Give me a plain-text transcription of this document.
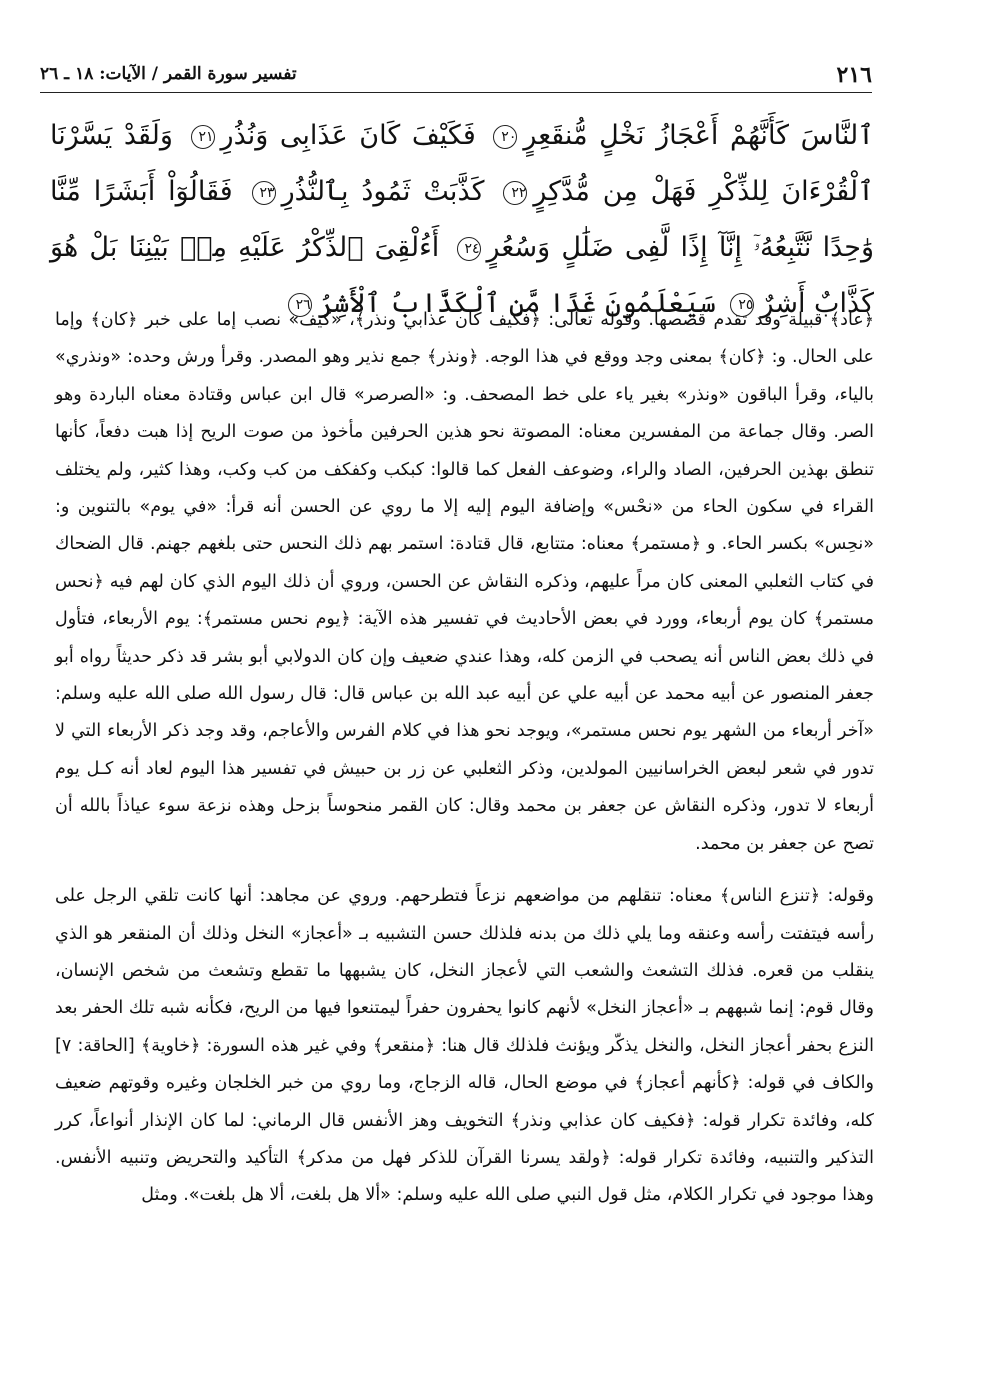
٢١٦
تفسير سورة القمر / الآيات: ١٨ ـ ٢٦
ٱلنَّاسَ كَأَنَّهُمْ أَعْجَازُ نَخْلٍ مُّنقَعِرٍ٢٠ فَكَيْفَ كَانَ عَذَابِى وَنُذُرِ٢١ وَلَقَدْ يَسَّرْنَا ٱلْقُرْءَانَ لِلذِّكْرِ فَهَلْ مِن مُّدَّكِرٍ٢٢ كَذَّبَتْ ثَمُودُ بِٱلنُّذُرِ٢٣ فَقَالُوٓاْ أَبَشَرًا مِّنَّا وَٰحِدًا نَّتَّبِعُهُۥٓ إِنَّآ إِذًا لَّفِى ضَلَٰلٍ وَسُعُرٍ٢٤ أَءُلْقِىَ ٱلذِّكْرُ عَلَيْهِ مِنۢ بَيْنِنَا بَلْ هُوَ كَذَّابٌ أَشِرٌ٢٥ سَيَعْلَمُونَ غَدًا مَّنِ ٱلْكَذَّابُ ٱلْأَشِرُ٢٦

﴿عاد﴾ قبيلة وقد تقدم قصصها. وقوله تعالى: ﴿فكيف كان عذابي ونذر﴾، «كيف» نصب إما على خبر ﴿كان﴾ وإما على الحال. و: ﴿كان﴾ بمعنى وجد ووقع في هذا الوجه. ﴿ونذر﴾ جمع نذير وهو المصدر. وقرأ ورش وحده: «ونذري» بالياء، وقرأ الباقون «ونذر» بغير ياء على خط المصحف. و: «الصرصر» قال ابن عباس وقتادة معناه الباردة وهو الصر. وقال جماعة من المفسرين معناه: المصوتة نحو هذين الحرفين مأخوذ من صوت الريح إذا هبت دفعاً، كأنها تنطق بهذين الحرفين، الصاد والراء، وضوعف الفعل كما قالوا: كبكب وكفكف من كب وكب، وهذا كثير، ولم يختلف القراء في سكون الحاء من «نحْس» وإضافة اليوم إليه إلا ما روي عن الحسن أنه قرأ: «في يوم» بالتنوين و: «نحِس» بكسر الحاء. و ﴿مستمر﴾ معناه: متتابع، قال قتادة: استمر بهم ذلك النحس حتى بلغهم جهنم. قال الضحاك في كتاب الثعلبي المعنى كان مراً عليهم، وذكره النقاش عن الحسن، وروي أن ذلك اليوم الذي كان لهم فيه ﴿نحس مستمر﴾ كان يوم أربعاء، وورد في بعض الأحاديث في تفسير هذه الآية: ﴿يوم نحس مستمر﴾: يوم الأربعاء، فتأول في ذلك بعض الناس أنه يصحب في الزمن كله، وهذا عندي ضعيف وإن كان الدولابي أبو بشر قد ذكر حديثاً رواه أبو جعفر المنصور عن أبيه محمد عن أبيه علي عن أبيه عبد الله بن عباس قال: قال رسول الله صلى الله عليه وسلم: «آخر أربعاء من الشهر يوم نحس مستمر»، ويوجد نحو هذا في كلام الفرس والأعاجم، وقد وجد ذكر الأربعاء التي لا تدور في شعر لبعض الخراسانيين المولدين، وذكر الثعلبي عن زر بن حبيش في تفسير هذا اليوم لعاد أنه كـل يوم أربعاء لا تدور، وذكره النقاش عن جعفر بن محمد وقال: كان القمر منحوساً بزحل وهذه نزعة سوء عياذاً بالله أن تصح عن جعفر بن محمد.

وقوله: ﴿تنزع الناس﴾ معناه: تنقلهم من مواضعهم نزعاً فتطرحهم. وروي عن مجاهد: أنها كانت تلقي الرجل على رأسه فيتفتت رأسه وعنقه وما يلي ذلك من بدنه فلذلك حسن التشبيه بـ «أعجاز» النخل وذلك أن المنقعر هو الذي ينقلب من قعره. فذلك التشعث والشعب التي لأعجاز النخل، كان يشبهها ما تقطع وتشعث من شخص الإنسان، وقال قوم: إنما شبههم بـ «أعجاز النخل» لأنهم كانوا يحفرون حفراً ليمتنعوا فيها من الريح، فكأنه شبه تلك الحفر بعد النزع بحفر أعجاز النخل، والنخل يذكّر ويؤنث فلذلك قال هنا: ﴿منقعر﴾ وفي غير هذه السورة: ﴿خاوية﴾ [الحاقة: ٧] والكاف في قوله: ﴿كأنهم أعجاز﴾ في موضع الحال، قاله الزجاج، وما روي من خبر الخلجان وغيره وقوتهم ضعيف كله، وفائدة تكرار قوله: ﴿فكيف كان عذابي ونذر﴾ التخويف وهز الأنفس قال الرماني: لما كان الإنذار أنواعاً، كرر التذكير والتنبيه، وفائدة تكرار قوله: ﴿ولقد يسرنا القرآن للذكر فهل من مدكر﴾ التأكيد والتحريض وتنبيه الأنفس. وهذا موجود في تكرار الكلام، مثل قول النبي صلى الله عليه وسلم: «ألا هل بلغت، ألا هل بلغت». ومثل
